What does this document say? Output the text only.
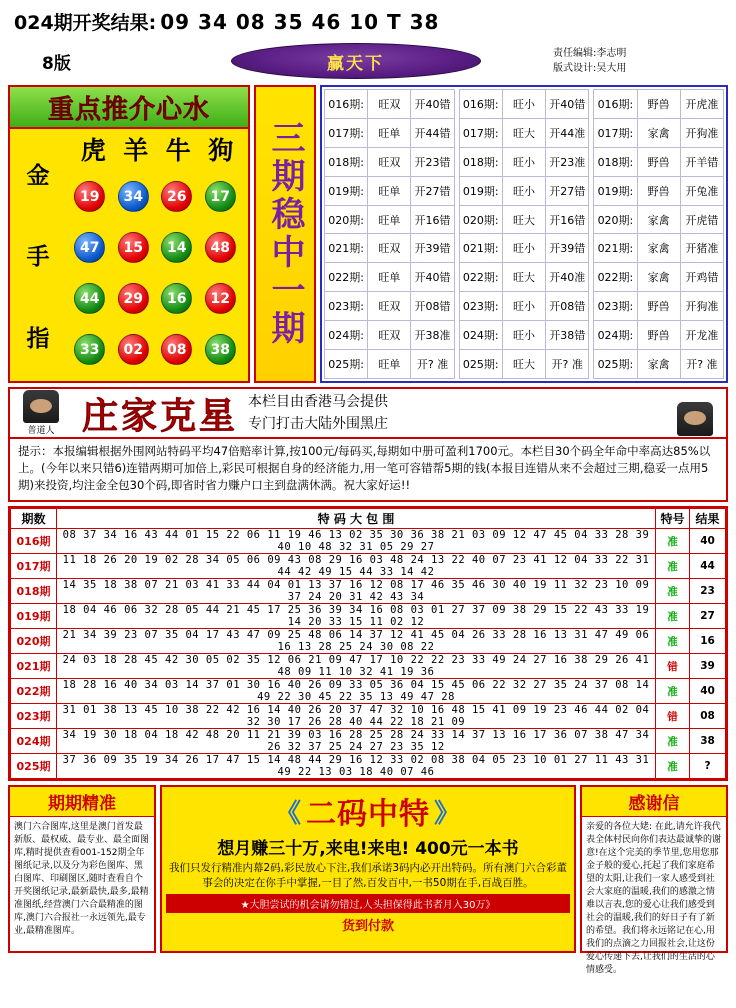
024期开奖结果: 09 34 08 35 46 10 T 38
8版	赢天下	责任编辑:李志明
版式设计:吴大用
重点推介心水
金
手
指
虎 羊 牛 狗
19	34	26	17
47	15	14	48
44	29	16	12
33	02	08	38
三期稳中一期
016期:	旺双	开40错		016期:	旺小	开40错		016期:	野兽	开虎准
017期:	旺单	开44错		017期:	旺大	开44准		017期:	家禽	开狗准
018期:	旺双	开23错		018期:	旺小	开23准		018期:	野兽	开羊错
019期:	旺单	开27错		019期:	旺小	开27错		019期:	野兽	开兔准
020期:	旺单	开16错		020期:	旺大	开16错		020期:	家禽	开虎错
021期:	旺双	开39错		021期:	旺小	开39错		021期:	家禽	开猪准
022期:	旺单	开40错		022期:	旺大	开40准		022期:	家禽	开鸡错
023期:	旺双	开08错		023期:	旺小	开08错		023期:	野兽	开狗准
024期:	旺双	开38准		024期:	旺小	开38错		024期:	野兽	开龙准
025期:	旺单	开? 准		025期:	旺大	开? 准		025期:	家禽	开? 准
普道人 庄家克星 本栏目由香港马会提供
专门打击大陆外围黑庄
提示：本报编辑根据外围网站特码平均47倍赔率计算,按100元/每码买,每期如中册可盈利1700元。本栏目30个码全年命中率高达85%以上。(今年以来只错6)连错两期可加倍上,彩民可根据自身的经济能力,用一笔可容错帮5期的钱(本报目连错从来不会超过三期,稳妥一点用5期)来投资,均注金全包30个码,即省时省力赚户口主到盘满休满。祝大家好运!!
期数	特 码 大 包 围	特号	结果
016期	08 37 34 16 43 44 01 15 22 06 11 19 46 13 02 35 30 36 38 21 03 09 12 47 45 04 33 28 39 40 10 48 32 31 05 29 27	准	40
017期	11 18 26 20 19 02 28 34 05 06 09 43 08 29 16 03 48 24 13 22 40 07 23 41 12 04 33 22 31 44 42 49 15 44 33 14 42	准	44
018期	14 35 18 38 07 21 03 41 33 44 04 01 13 37 16 12 08 17 46 35 46 30 40 19 11 32 23 10 09 37 24 20 31 42 43 34	准	23
019期	18 04 46 06 32 28 05 44 21 45 17 25 36 39 34 16 08 03 01 27 37 09 38 29 15 22 43 33 19 14 20 33 15 11 02 12	准	27
020期	21 34 39 23 07 35 04 17 43 47 09 25 48 06 14 37 12 41 45 04 26 33 28 16 13 31 47 49 06 16 13 28 25 24 30 08 22	准	16
021期	24 03 18 28 45 42 30 05 02 35 12 06 21 09 47 17 10 22 22 23 33 49 24 27 16 38 29 26 41 48 09 11 10 32 41 19 36	错	39
022期	18 28 16 40 34 03 14 37 01 30 16 40 26 09 33 05 36 04 15 45 06 22 32 27 35 24 37 08 14 49 22 30 45 22 35 13 49 47 28	准	40
023期	31 01 38 13 45 10 38 22 42 16 14 40 26 20 37 47 32 10 16 48 15 41 09 19 23 46 44 02 04 32 30 17 26 28 40 44 22 18 21 09	错	08
024期	34 19 30 18 04 18 42 48 20 11 21 39 03 16 28 25 28 24 33 14 37 13 16 17 36 07 38 47 34 26 32 37 25 24 27 23 35 12	准	38
025期	37 36 09 35 19 34 26 17 47 15 14 48 44 29 16 12 33 02 08 38 04 05 23 10 01 27 11 43 31 49 22 13 03 18 40 07 46	准	?
期期精准
澳门六合图库,这里是澳门首发最新版、最权威、最专业、最全面图库,精时提供查看001-152期全年图纸记录,以及分为彩色图库、黑白图库、印刷图区,随时查看自个开奖图纸记录,最新最快,最多,最精准图纸,经营澳门六合最精准的图库,澳门六合报社一永远领先,最专业,最精准图库。
《 二码中特 》
想月赚三十万,来电!来电! 400元一本书
我们只发行精准内幕2码,彩民放心下注,我们承诺3码内必开出特码。所有澳门六合彩董事会的决定在你手中掌握,一目了然,百发百中,一书50期在手,百战百胜。
★大胆尝试的机会请勿错过,人头担保得此书者月入30万》
货到付款
感谢信
亲爱的各位大姥: 在此,请允许我代表全体村民向你们表达最诚挚的谢意!在这个完美的季节里,您用您那金子般的爱心,托起了我们家庭希望的太阳,让我们一家人感受到社会大家庭的温暖,我们的感激之情难以言表,您的爱心让我们感受到社会的温暖,我们的好日子有了新的希望。我们将永远铭记在心,用我们的点滴之力回报社会,让这份爱心传递下去,让我们的生活的心情感受。
